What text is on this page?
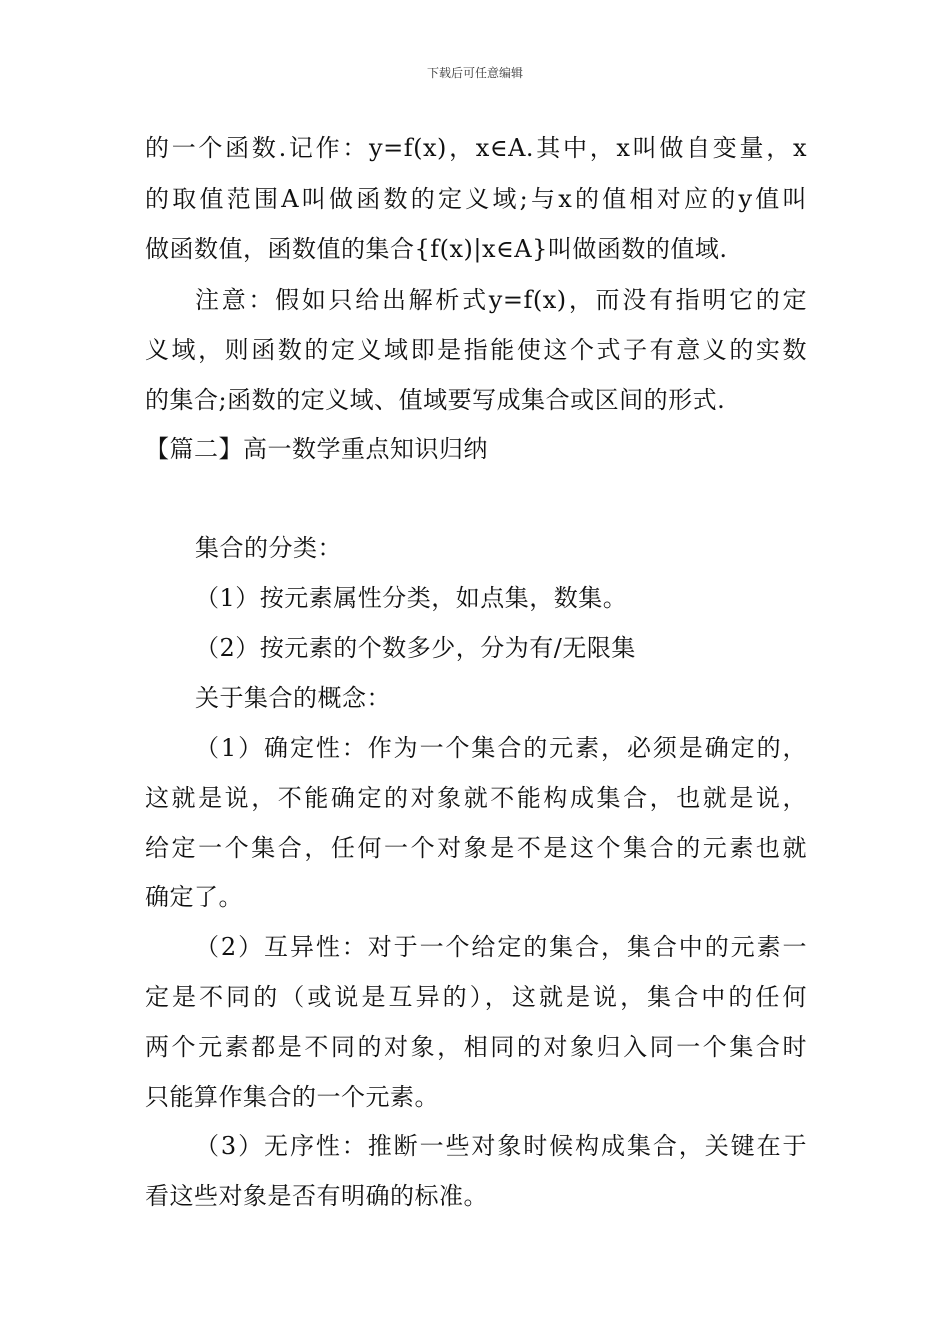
下载后可任意编辑
的一个函数.记作：y=f(x)，x∈A.其中，x叫做自变量，x
的取值范围A叫做函数的定义域;与x的值相对应的y值叫
做函数值，函数值的集合{f(x)|x∈A}叫做函数的值域.
注意：假如只给出解析式y=f(x)，而没有指明它的定
义域，则函数的定义域即是指能使这个式子有意义的实数
的集合;函数的定义域、值域要写成集合或区间的形式.
【篇二】高一数学重点知识归纳
集合的分类：
（1）按元素属性分类，如点集，数集。
（2）按元素的个数多少，分为有/无限集
关于集合的概念：
（1）确定性：作为一个集合的元素，必须是确定的，
这就是说，不能确定的对象就不能构成集合，也就是说，
给定一个集合，任何一个对象是不是这个集合的元素也就
确定了。
（2）互异性：对于一个给定的集合，集合中的元素一
定是不同的（或说是互异的），这就是说，集合中的任何
两个元素都是不同的对象，相同的对象归入同一个集合时
只能算作集合的一个元素。
（3）无序性：推断一些对象时候构成集合，关键在于
看这些对象是否有明确的标准。
